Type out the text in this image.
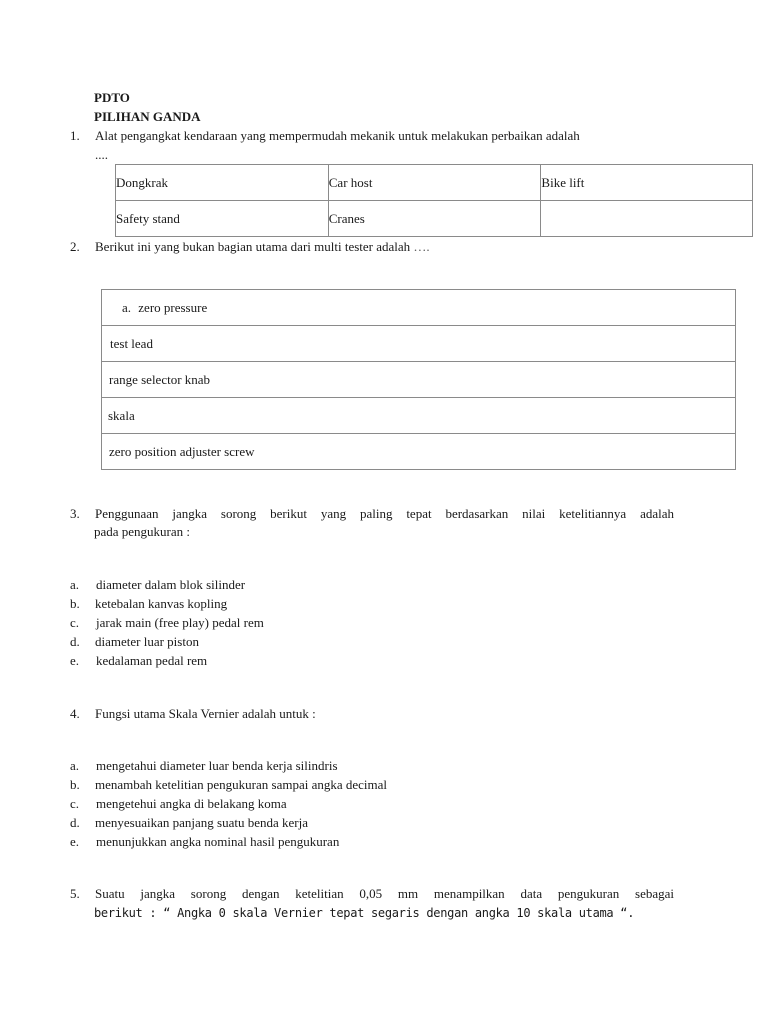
PDTO
PILIHAN GANDA
1. Alat pengangkat kendaraan yang mempermudah mekanik untuk melakukan perbaikan adalah
....
Dongkrak	Car host	Bike lift
Safety stand	Cranes	
2. Berikut ini yang bukan bagian utama dari multi tester adalah ….
a. zero pressure
test lead
range selector knab
skala
zero position adjuster screw
3. Penggunaan jangka sorong berikut yang paling tepat berdasarkan nilai ketelitiannya adalah
pada pengukuran :
a. diameter dalam blok silinder
b. ketebalan kanvas kopling
c. jarak main (free play) pedal rem
d. diameter luar piston
e. kedalaman pedal rem
4. Fungsi utama Skala Vernier adalah untuk :
a. mengetahui diameter luar benda kerja silindris
b. menambah ketelitian pengukuran sampai angka decimal
c. mengetehui angka di belakang koma
d. menyesuaikan panjang suatu benda kerja
e. menunjukkan angka nominal hasil pengukuran
5. Suatu jangka sorong dengan ketelitian 0,05 mm menampilkan data pengukuran sebagai
berikut : “ Angka 0 skala Vernier tepat segaris dengan angka 10 skala utama “.
